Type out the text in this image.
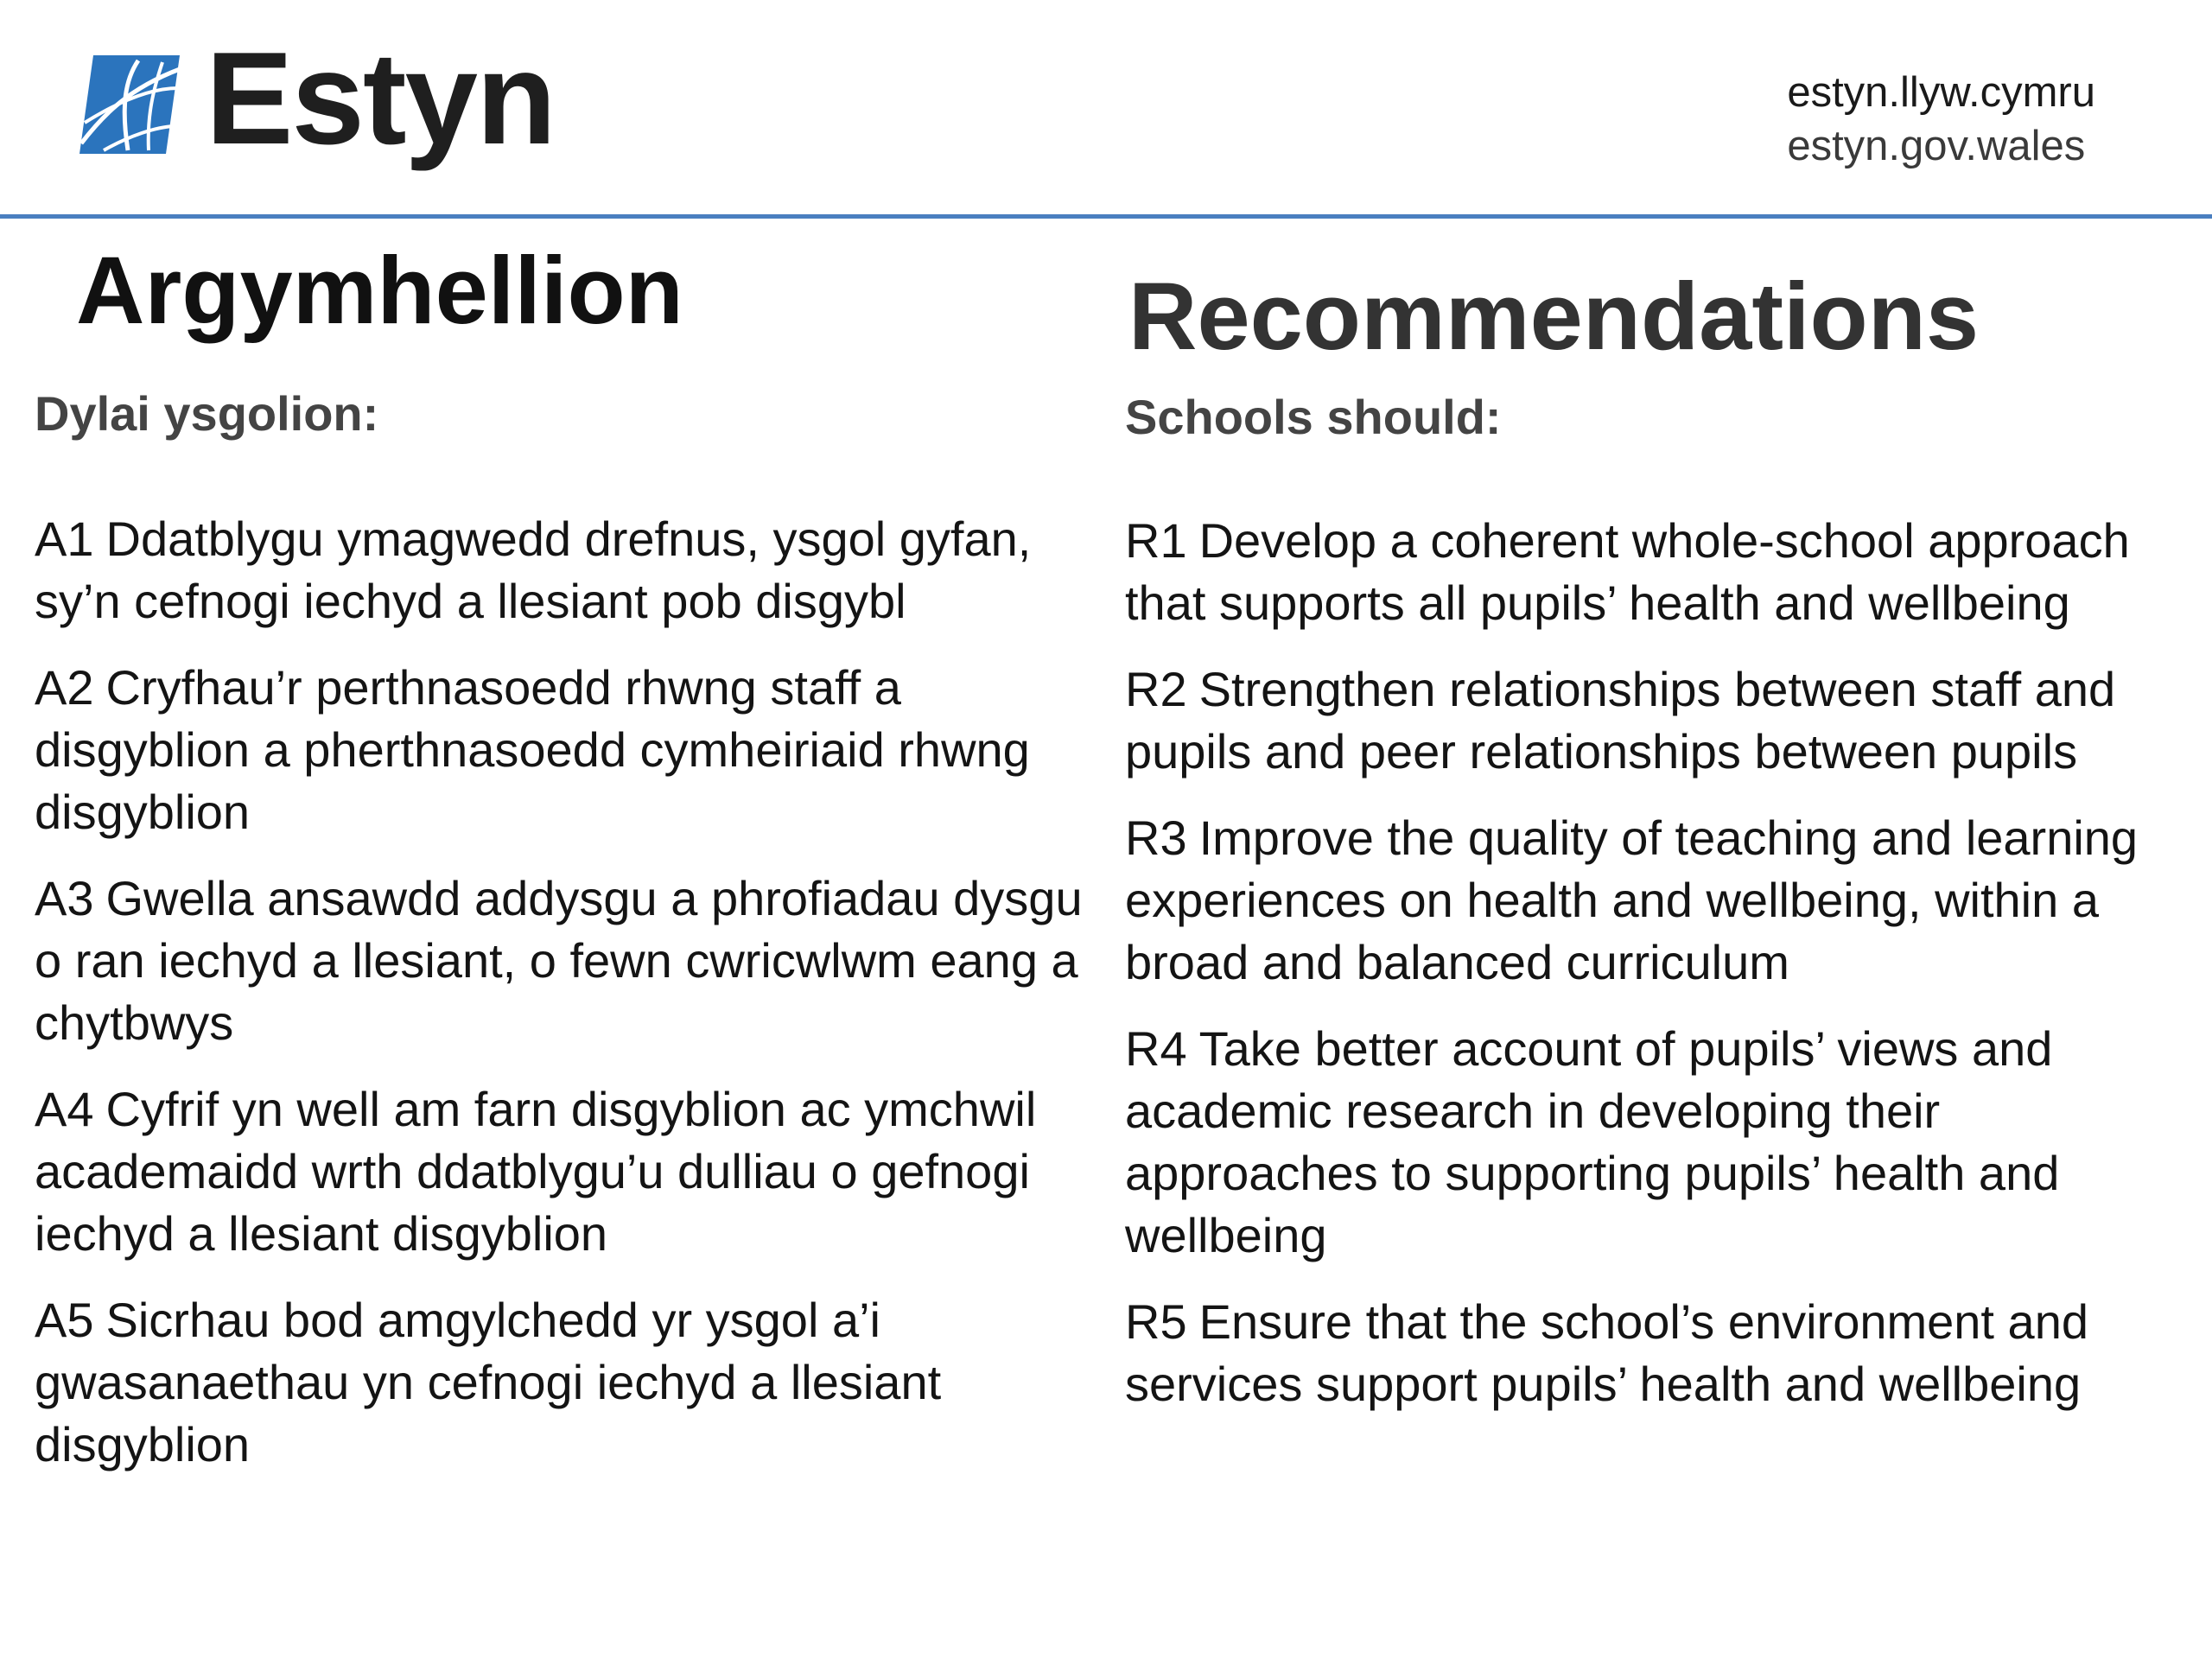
Estyn	estyn.llyw.cymru
estyn.gov.wales
Argymhellion
Dylai ysgolion:
A1 Ddatblygu ymagwedd drefnus, ysgol gyfan, sy’n cefnogi iechyd a llesiant pob disgybl
A2 Cryfhau’r perthnasoedd rhwng staff a disgyblion a pherthnasoedd cymheiriaid rhwng disgyblion
A3 Gwella ansawdd addysgu a phrofiadau dysgu o ran iechyd a llesiant, o fewn cwricwlwm eang a chytbwys
A4 Cyfrif yn well am farn disgyblion ac ymchwil academaidd wrth ddatblygu’u dulliau o gefnogi iechyd a llesiant disgyblion
A5 Sicrhau bod amgylchedd yr ysgol a’i gwasanaethau yn cefnogi iechyd a llesiant disgyblion
Recommendations
Schools should:
R1 Develop a coherent whole-school approach that supports all pupils’ health and wellbeing
R2 Strengthen relationships between staff and pupils and peer relationships between pupils
R3 Improve the quality of teaching and learning experiences on health and wellbeing, within a broad and balanced curriculum
R4 Take better account of pupils’ views and academic research in developing their approaches to supporting pupils’ health and wellbeing
R5 Ensure that the school’s environment and services support pupils’ health and wellbeing
